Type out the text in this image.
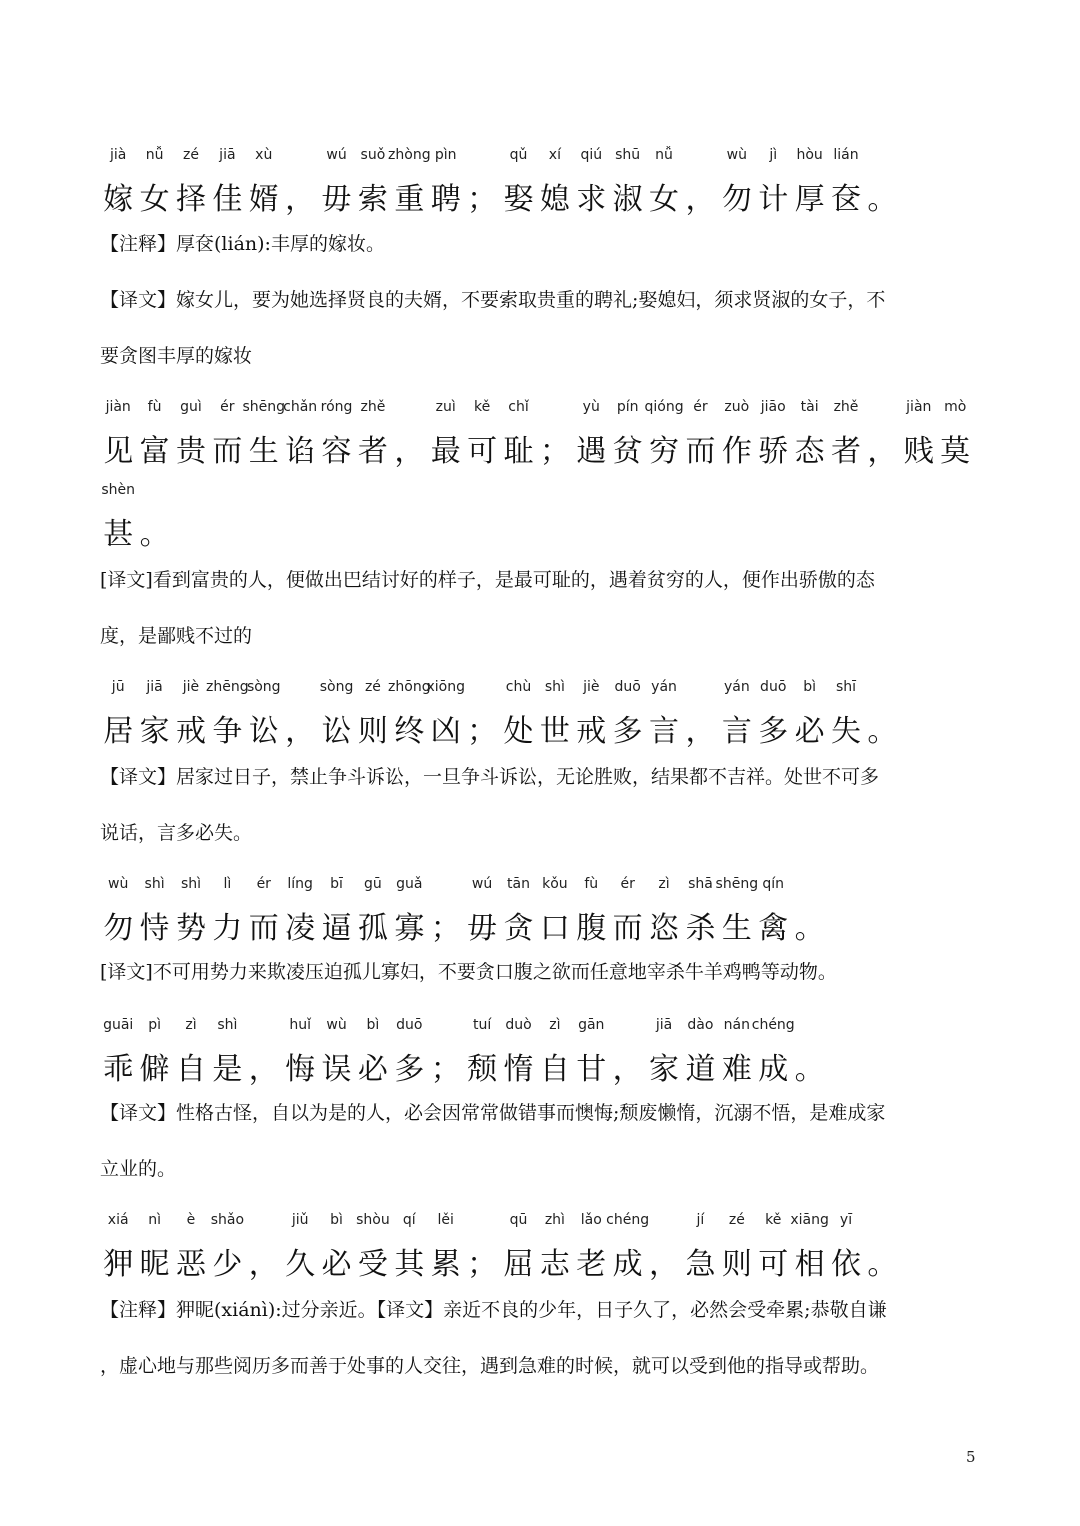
jià
嫁
nǚ
女
zé
择
jiā
佳
xù
婿 ，
wú
毋
suǒ
索
zhòng
重
pìn
聘 ；
qǔ
娶
xí
媳
qiú
求
shū
淑
nǚ
女 ，
wù
勿
jì
计
hòu
厚
lián
奁 。
【注释】厚奁(lián):丰厚的嫁妆。
【译文】嫁女儿，要为她选择贤良的夫婿，不要索取贵重的聘礼;娶媳妇，须求贤淑的女子，不
要贪图丰厚的嫁妆
jiàn
见
fù
富
guì
贵
ér
而
shēng
生
chǎn
谄
róng
容
zhě
者 ，
zuì
最
kě
可
chǐ
耻 ；
yù
遇
pín
贫
qióng
穷
ér
而
zuò
作
jiāo
骄
tài
态
zhě
者 ，
jiàn
贱
mò
莫
shèn
甚 。
[译文]看到富贵的人，便做出巴结讨好的样子，是最可耻的，遇着贫穷的人，便作出骄傲的态
度，是鄙贱不过的
jū
居
jiā
家
jiè
戒
zhēng
争
sòng
讼 ，
sòng
讼
zé
则
zhōng
终
xiōng
凶 ；
chù
处
shì
世
jiè
戒
duō
多
yán
言 ，
yán
言
duō
多
bì
必
shī
失 。
【译文】居家过日子，禁止争斗诉讼，一旦争斗诉讼，无论胜败，结果都不吉祥。处世不可多
说话，言多必失。
wù
勿
shì
恃
shì
势
lì
力
ér
而
líng
凌
bī
逼
gū
孤
guǎ
寡 ；
wú
毋
tān
贪
kǒu
口
fù
腹
ér
而
zì
恣
shā
杀
shēng
生
qín
禽 。
[译文]不可用势力来欺凌压迫孤儿寡妇，不要贪口腹之欲而任意地宰杀牛羊鸡鸭等动物。
guāi
乖
pì
僻
zì
自
shì
是 ，
huǐ
悔
wù
误
bì
必
duō
多 ；
tuí
颓
duò
惰
zì
自
gān
甘 ，
jiā
家
dào
道
nán
难
chéng
成 。
【译文】性格古怪，自以为是的人，必会因常常做错事而懊悔;颓废懒惰，沉溺不悟，是难成家
立业的。
xiá
狎
nì
昵
è
恶
shǎo
少 ，
jiǔ
久
bì
必
shòu
受
qí
其
lěi
累 ；
qū
屈
zhì
志
lǎo
老
chéng
成 ，
jí
急
zé
则
kě
可
xiāng
相
yī
依 。
【注释】狎昵(xiánì):过分亲近。【译文】亲近不良的少年，日子久了，必然会受牵累;恭敬自谦
，虚心地与那些阅历多而善于处事的人交往，遇到急难的时候，就可以受到他的指导或帮助。
5
